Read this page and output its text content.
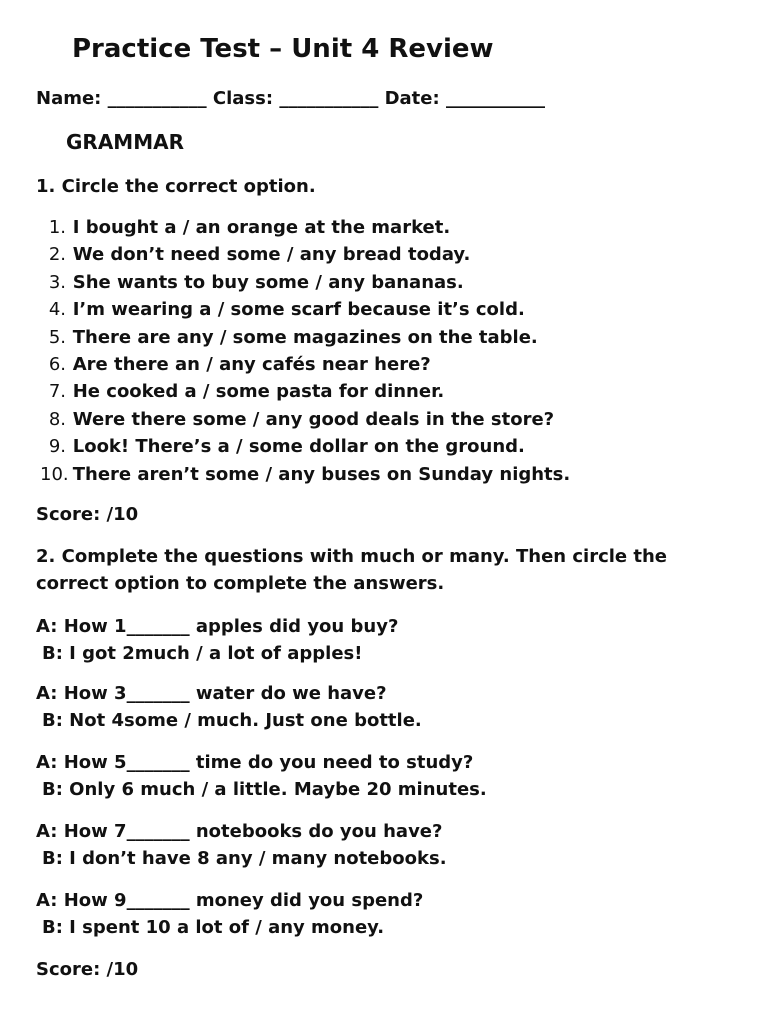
Practice Test – Unit 4 Review
Name: ___________ Class: ___________ Date: ___________
GRAMMAR
1. Circle the correct option.
1. I bought a / an orange at the market.
2. We don’t need some / any bread today.
3. She wants to buy some / any bananas.
4. I’m wearing a / some scarf because it’s cold.
5. There are any / some magazines on the table.
6. Are there an / any cafés near here?
7. He cooked a / some pasta for dinner.
8. Were there some / any good deals in the store?
9. Look! There’s a / some dollar on the ground.
10. There aren’t some / any buses on Sunday nights.
Score: /10
2. Complete the questions with much or many. Then circle the correct option to complete the answers.
A: How 1_______ apples did you buy?
B: I got 2much / a lot of apples!
A: How 3_______ water do we have?
B: Not 4some / much. Just one bottle.
A: How 5_______ time do you need to study?
B: Only 6 much / a little. Maybe 20 minutes.
A: How 7_______ notebooks do you have?
B: I don’t have 8 any / many notebooks.
A: How 9_______ money did you spend?
B: I spent 10 a lot of / any money.
Score: /10
